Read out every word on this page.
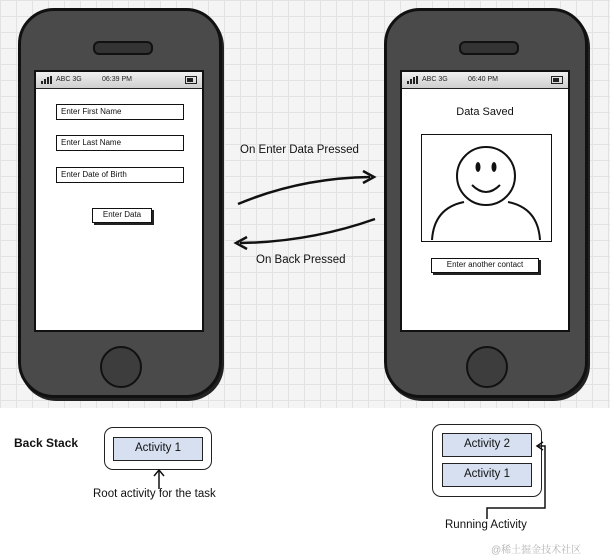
ABC 3G	06:39 PM
Enter First Name
Enter Last Name
Enter Date of Birth
Enter Data
ABC 3G	06:40 PM
Data Saved
Enter another contact
On Enter Data Pressed
On Back Pressed
Back Stack	Activity 1
Root activity for the task
Activity 2
Activity 1
Running Activity
@稀土掘金技术社区
